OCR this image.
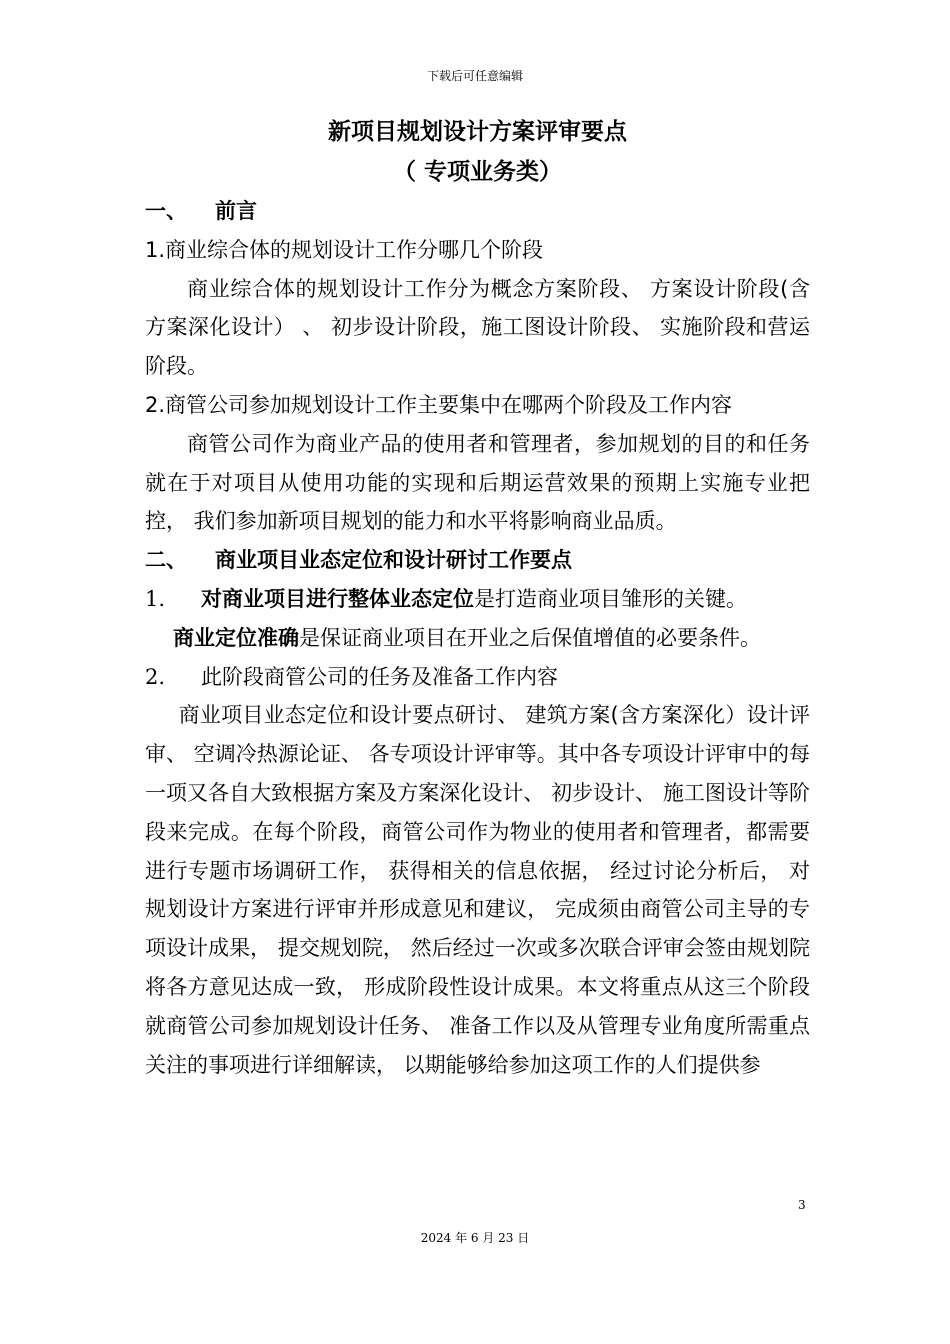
下载后可任意编辑

新项目规划设计方案评审要点

（ 专项业务类）

一、 前言

1.商业综合体的规划设计工作分哪几个阶段

商业综合体的规划设计工作分为概念方案阶段、 方案设计阶段(含方案深化设计） 、 初步设计阶段，施工图设计阶段、 实施阶段和营运阶段。

2.商管公司参加规划设计工作主要集中在哪两个阶段及工作内容

商管公司作为商业产品的使用者和管理者，参加规划的目的和任务就在于对项目从使用功能的实现和后期运营效果的预期上实施专业把控， 我们参加新项目规划的能力和水平将影响商业品质。

二、 商业项目业态定位和设计研讨工作要点

1. 对商业项目进行整体业态定位是打造商业项目雏形的关键。

商业定位准确是保证商业项目在开业之后保值增值的必要条件。

2. 此阶段商管公司的任务及准备工作内容

商业项目业态定位和设计要点研讨、 建筑方案(含方案深化）设计评审、 空调冷热源论证、 各专项设计评审等。其中各专项设计评审中的每一项又各自大致根据方案及方案深化设计、 初步设计、 施工图设计等阶段来完成。在每个阶段，商管公司作为物业的使用者和管理者，都需要进行专题市场调研工作， 获得相关的信息依据， 经过讨论分析后， 对规划设计方案进行评审并形成意见和建议， 完成须由商管公司主导的专项设计成果， 提交规划院， 然后经过一次或多次联合评审会签由规划院将各方意见达成一致， 形成阶段性设计成果。本文将重点从这三个阶段就商管公司参加规划设计任务、 准备工作以及从管理专业角度所需重点关注的事项进行详细解读， 以期能够给参加这项工作的人们提供参

3
2024 年 6 月 23 日
